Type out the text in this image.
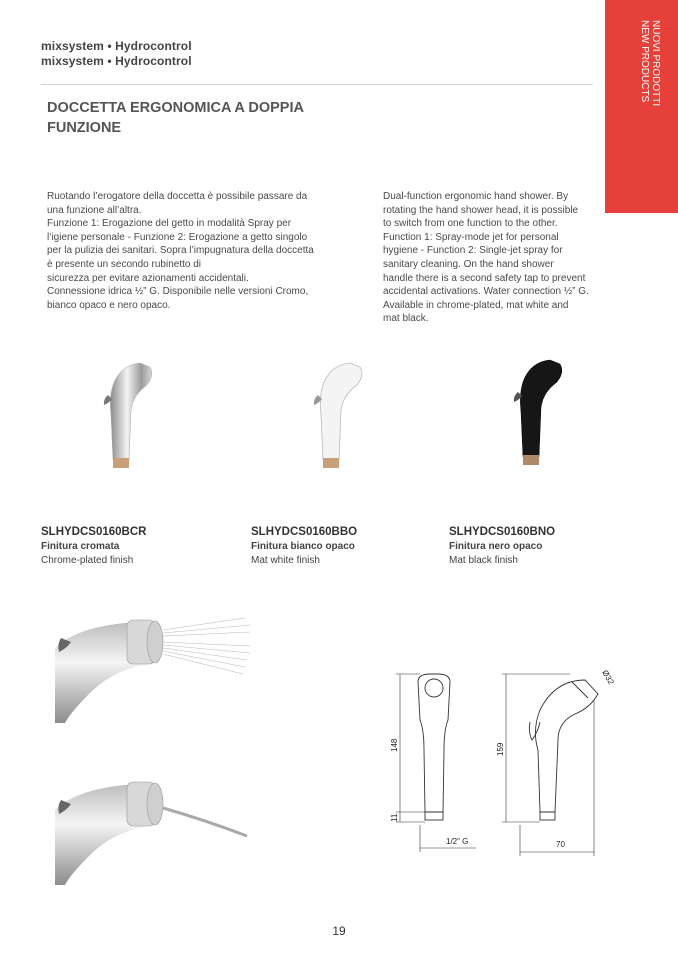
mixsystem • Hydrocontrol
mixsystem • Hydrocontrol	NUOVI PRODOTTI
NEW PRODUCTS
DOCCETTA ERGONOMICA A DOPPIA
FUNZIONE
Ruotando l’erogatore della doccetta è possibile passare da
una funzione all’altra.
Funzione 1: Erogazione del getto in modalità Spray per
l’igiene personale - Funzione 2: Erogazione a getto singolo
per la pulizia dei sanitari. Sopra l’impugnatura della doccetta
è presente un secondo rubinetto di
sicurezza per evitare azionamenti accidentali.
Connessione idrica ½” G. Disponibile nelle versioni Cromo,
bianco opaco e nero opaco.
Dual-function ergonomic hand shower. By
rotating the hand shower head, it is possible
to switch from one function to the other.
Function 1: Spray-mode jet for personal
hygiene - Function 2: Single-jet spray for
sanitary cleaning. On the hand shower
handle there is a second safety tap to prevent
accidental activations. Water connection ½” G.
Available in chrome-plated, mat white and
mat black.
SLHYDCS0160BCR
Finitura cromata
Chrome-plated finish
SLHYDCS0160BBO
Finitura bianco opaco
Mat white finish
SLHYDCS0160BNO
Finitura nero opaco
Mat black finish
148
11
159
Ø32
1/2" G	70
19
